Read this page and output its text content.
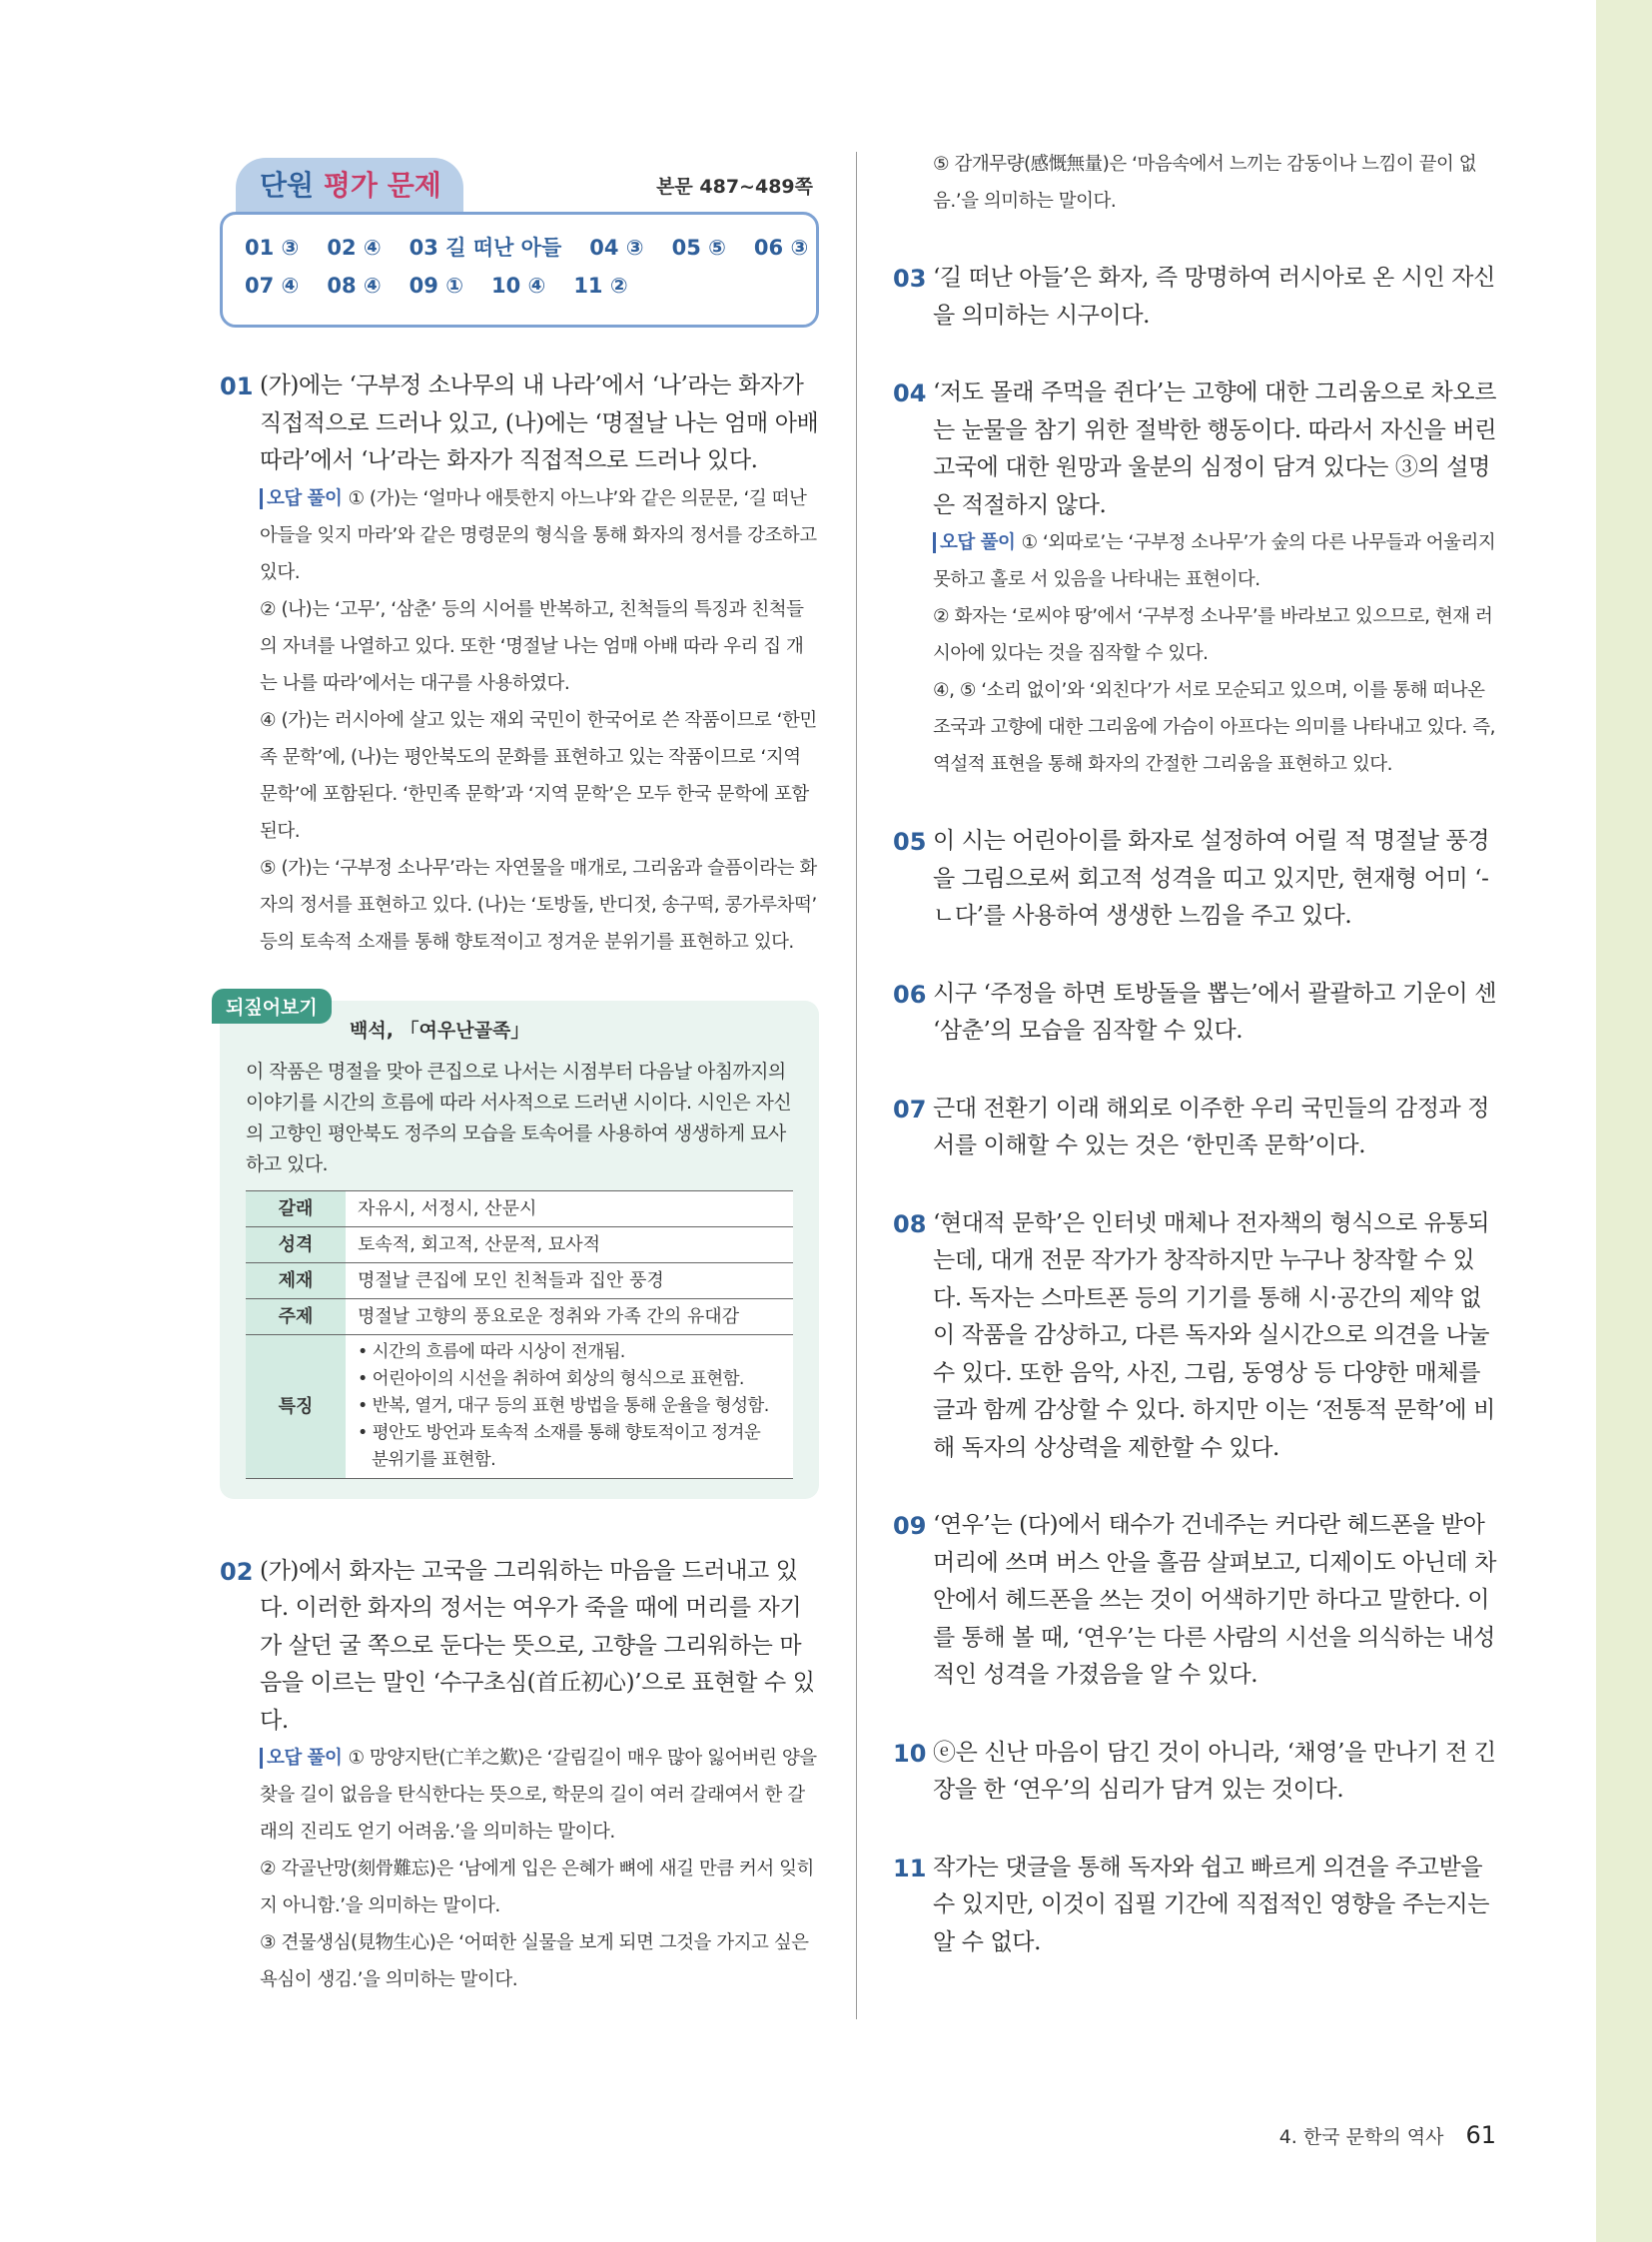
단원 평가 문제	본문 487~489쪽
01 ③ 02 ④ 03 길 떠난 아들 04 ③ 05 ⑤ 06 ③
07 ④ 08 ④ 09 ① 10 ④ 11 ②
01 (가)에는 ‘구부정 소나무의 내 나라’에서 ‘나’라는 화자가 직접적으로 드러나 있고, (나)에는 ‘명절날 나는 엄매 아배 따라’에서 ‘나’라는 화자가 직접적으로 드러나 있다.

오답 풀이 ① (가)는 ‘얼마나 애틋한지 아느냐’와 같은 의문문, ‘길 떠난 아들을 잊지 마라’와 같은 명령문의 형식을 통해 화자의 정서를 강조하고 있다.

② (나)는 ‘고무’, ‘삼춘’ 등의 시어를 반복하고, 친척들의 특징과 친척들의 자녀를 나열하고 있다. 또한 ‘명절날 나는 엄매 아배 따라 우리 집 개는 나를 따라’에서는 대구를 사용하였다.

④ (가)는 러시아에 살고 있는 재외 국민이 한국어로 쓴 작품이므로 ‘한민족 문학’에, (나)는 평안북도의 문화를 표현하고 있는 작품이므로 ‘지역 문학’에 포함된다. ‘한민족 문학’과 ‘지역 문학’은 모두 한국 문학에 포함된다.

⑤ (가)는 ‘구부정 소나무’라는 자연물을 매개로, 그리움과 슬픔이라는 화자의 정서를 표현하고 있다. (나)는 ‘토방돌, 반디젓, 송구떡, 콩가루차떡’ 등의 토속적 소재를 통해 향토적이고 정겨운 분위기를 표현하고 있다.

되짚어보기
백석, 「여우난골족」
이 작품은 명절을 맞아 큰집으로 나서는 시점부터 다음날 아침까지의 이야기를 시간의 흐름에 따라 서사적으로 드러낸 시이다. 시인은 자신의 고향인 평안북도 정주의 모습을 토속어를 사용하여 생생하게 묘사하고 있다.
갈래	자유시, 서정시, 산문시
성격	토속적, 회고적, 산문적, 묘사적
제재	명절날 큰집에 모인 친척들과 집안 풍경
주제	명절날 고향의 풍요로운 정취와 가족 간의 유대감
특징	• 시간의 흐름에 따라 시상이 전개됨.
• 어린아이의 시선을 취하여 회상의 형식으로 표현함.
• 반복, 열거, 대구 등의 표현 방법을 통해 운율을 형성함.
• 평안도 방언과 토속적 소재를 통해 향토적이고 정겨운 분위기를 표현함.
02 (가)에서 화자는 고국을 그리워하는 마음을 드러내고 있다. 이러한 화자의 정서는 여우가 죽을 때에 머리를 자기가 살던 굴 쪽으로 둔다는 뜻으로, 고향을 그리워하는 마음을 이르는 말인 ‘수구초심(首丘初心)’으로 표현할 수 있다.

오답 풀이 ① 망양지탄(亡羊之歎)은 ‘갈림길이 매우 많아 잃어버린 양을 찾을 길이 없음을 탄식한다는 뜻으로, 학문의 길이 여러 갈래여서 한 갈래의 진리도 얻기 어려움.’을 의미하는 말이다.

② 각골난망(刻骨難忘)은 ‘남에게 입은 은혜가 뼈에 새길 만큼 커서 잊히지 아니함.’을 의미하는 말이다.

③ 견물생심(見物生心)은 ‘어떠한 실물을 보게 되면 그것을 가지고 싶은 욕심이 생김.’을 의미하는 말이다.

⑤ 감개무량(感慨無量)은 ‘마음속에서 느끼는 감동이나 느낌이 끝이 없음.’을 의미하는 말이다.

03 ‘길 떠난 아들’은 화자, 즉 망명하여 러시아로 온 시인 자신을 의미하는 시구이다.

04 ‘저도 몰래 주먹을 쥔다’는 고향에 대한 그리움으로 차오르는 눈물을 참기 위한 절박한 행동이다. 따라서 자신을 버린 고국에 대한 원망과 울분의 심정이 담겨 있다는 ③의 설명은 적절하지 않다.

오답 풀이 ① ‘외따로’는 ‘구부정 소나무’가 숲의 다른 나무들과 어울리지 못하고 홀로 서 있음을 나타내는 표현이다.

② 화자는 ‘로씨야 땅’에서 ‘구부정 소나무’를 바라보고 있으므로, 현재 러시아에 있다는 것을 짐작할 수 있다.

④, ⑤ ‘소리 없이’와 ‘외친다’가 서로 모순되고 있으며, 이를 통해 떠나온 조국과 고향에 대한 그리움에 가슴이 아프다는 의미를 나타내고 있다. 즉, 역설적 표현을 통해 화자의 간절한 그리움을 표현하고 있다.

05 이 시는 어린아이를 화자로 설정하여 어릴 적 명절날 풍경을 그림으로써 회고적 성격을 띠고 있지만, 현재형 어미 ‘-ㄴ다’를 사용하여 생생한 느낌을 주고 있다.

06 시구 ‘주정을 하면 토방돌을 뽑는’에서 괄괄하고 기운이 센 ‘삼춘’의 모습을 짐작할 수 있다.

07 근대 전환기 이래 해외로 이주한 우리 국민들의 감정과 정서를 이해할 수 있는 것은 ‘한민족 문학’이다.

08 ‘현대적 문학’은 인터넷 매체나 전자책의 형식으로 유통되는데, 대개 전문 작가가 창작하지만 누구나 창작할 수 있다. 독자는 스마트폰 등의 기기를 통해 시·공간의 제약 없이 작품을 감상하고, 다른 독자와 실시간으로 의견을 나눌 수 있다. 또한 음악, 사진, 그림, 동영상 등 다양한 매체를 글과 함께 감상할 수 있다. 하지만 이는 ‘전통적 문학’에 비해 독자의 상상력을 제한할 수 있다.

09 ‘연우’는 (다)에서 태수가 건네주는 커다란 헤드폰을 받아 머리에 쓰며 버스 안을 흘끔 살펴보고, 디제이도 아닌데 차 안에서 헤드폰을 쓰는 것이 어색하기만 하다고 말한다. 이를 통해 볼 때, ‘연우’는 다른 사람의 시선을 의식하는 내성적인 성격을 가졌음을 알 수 있다.

10 ⓔ은 신난 마음이 담긴 것이 아니라, ‘채영’을 만나기 전 긴장을 한 ‘연우’의 심리가 담겨 있는 것이다.

11 작가는 댓글을 통해 독자와 쉽고 빠르게 의견을 주고받을 수 있지만, 이것이 집필 기간에 직접적인 영향을 주는지는 알 수 없다.

4. 한국 문학의 역사 61
